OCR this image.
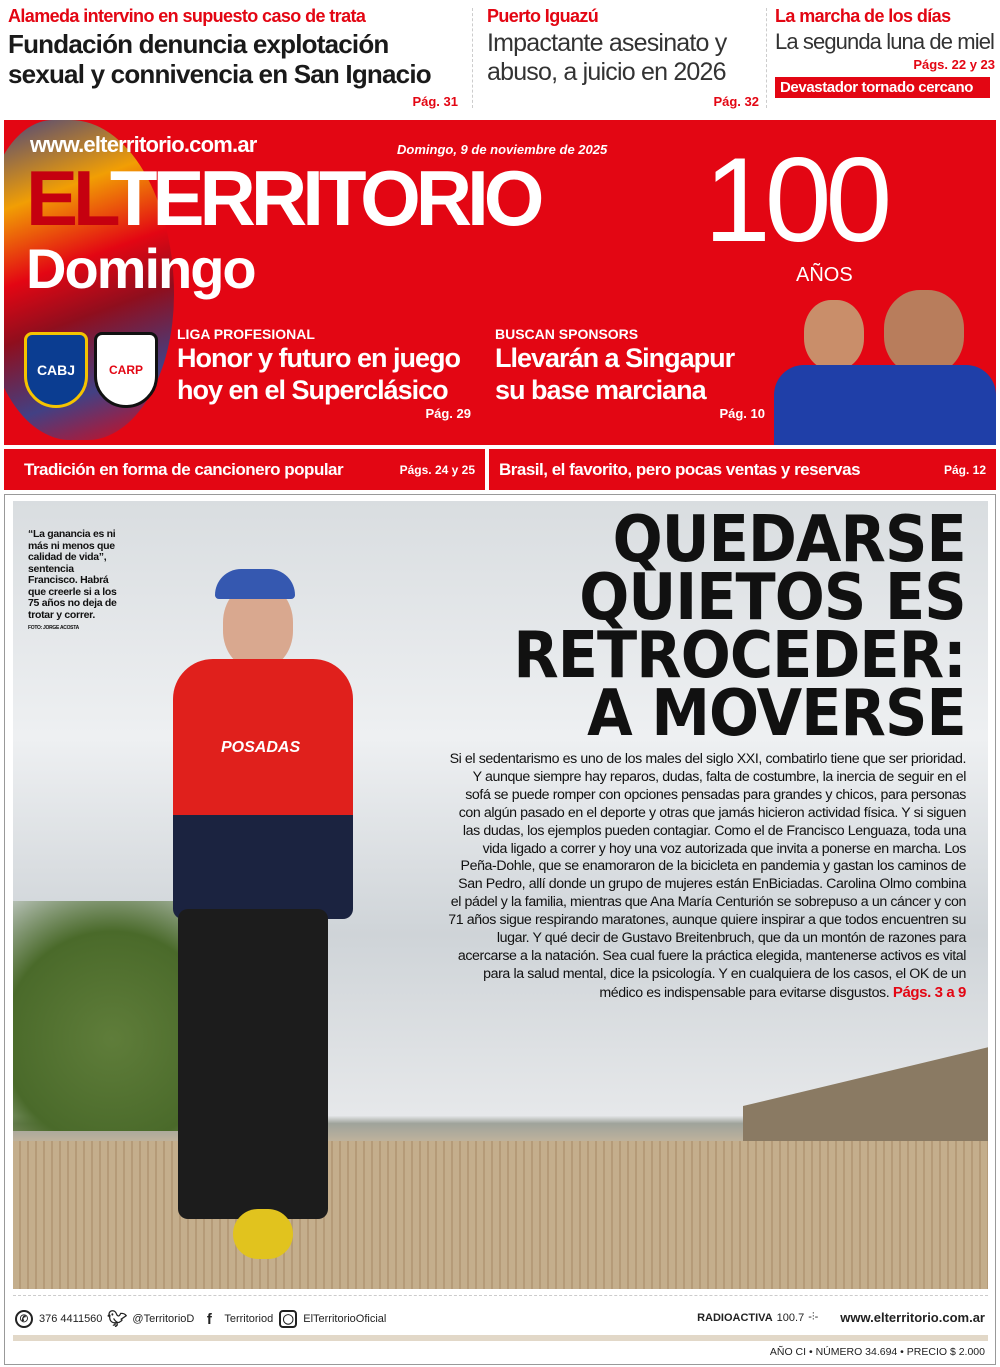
Alameda intervino en supuesto caso de trata
Fundación denuncia explotación sexual y connivencia en San Ignacio
Pág. 31
Puerto Iguazú
Impactante asesinato y abuso, a juicio en 2026
Pág. 32
La marcha de los días
La segunda luna de miel
Págs. 22 y 23
Devastador tornado cercano
www.elterritorio.com.ar	Domingo, 9 de noviembre de 2025
ELTERRITORIO
Domingo
100
AÑOS
CABJ	CARP
LIGA PROFESIONAL
Honor y futuro en juego hoy en el Superclásico
Pág. 29
BUSCAN SPONSORS
Llevarán a Singapur su base marciana
Pág. 10
Tradición en forma de cancionero popular	Págs. 24 y 25 Brasil, el favorito, pero pocas ventas y reservas	Pág. 12
POSADAS
“La ganancia es ni más ni menos que calidad de vida”, sentencia Francisco. Habrá que creerle si a los 75 años no deja de trotar y correr.
FOTO: JORGE ACOSTA
QUEDARSE
QUIETOS ES
RETROCEDER:
A MOVERSE
Si el sedentarismo es uno de los males del siglo XXI, combatirlo tiene que ser prioridad. Y aunque siempre hay reparos, dudas, falta de costumbre, la inercia de seguir en el sofá se puede romper con opciones pensadas para grandes y chicos, para personas con algún pasado en el deporte y otras que jamás hicieron actividad física. Y si siguen las dudas, los ejemplos pueden contagiar. Como el de Francisco Lenguaza, toda una vida ligado a correr y hoy una voz autorizada que invita a ponerse en marcha. Los Peña-Dohle, que se enamoraron de la bicicleta en pandemia y gastan los caminos de San Pedro, allí donde un grupo de mujeres están EnBiciadas. Carolina Olmo combina el pádel y la familia, mientras que Ana María Centurión se sobrepuso a un cáncer y con 71 años sigue respirando maratones, aunque quiere inspirar a que todos encuentren su lugar. Y qué decir de Gustavo Breitenbruch, que da un montón de razones para acercarse a la natación. Sea cual fuere la práctica elegida, mantenerse activos es vital para la salud mental, dice la psicología. Y en cualquiera de los casos, el OK de un médico es indispensable para evitarse disgustos. Págs. 3 a 9
✆ 376 4411560 🐦︎ @TerritorioD f	Territoriod ◯ ElTerritorioOficial	RADIOACTIVA 100.7 -⫶- www.elterritorio.com.ar
AÑO CI • NÚMERO 34.694 • PRECIO $ 2.000
